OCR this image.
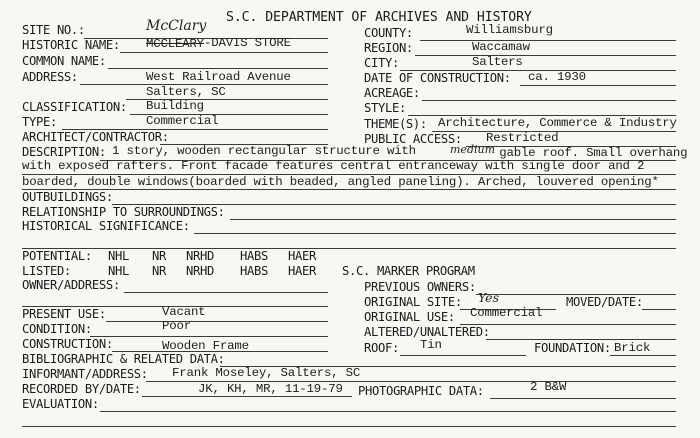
S.C. DEPARTMENT OF ARCHIVES AND HISTORY
SITE NO.:	McClary	COUNTY:	Williamsburg
HISTORIC NAME: MCCLEARY -DAVIS STORE	REGION:	Waccamaw
COMMON NAME:	CITY:	Salters
ADDRESS:	West Railroad Avenue
Salters, SC
DATE OF CONSTRUCTION: ca. 1930
ACREAGE:
CLASSIFICATION: Building	STYLE:
TYPE:	Commercial	THEME(S): Architecture, Commerce & Industry
ARCHITECT/CONTRACTOR:	PUBLIC ACCESS: Restricted
DESCRIPTION: 1 story, wooden rectangular structure with	medium
gable roof. Small overhang
with exposed rafters. Front facade features central entranceway with single door and 2
boarded, double windows(boarded with beaded, angled paneling). Arched, louvered opening*
OUTBUILDINGS:
RELATIONSHIP TO SURROUNDINGS:
HISTORICAL SIGNIFICANCE:
POTENTIAL: NHL NR NRHD HABS HAER
LISTED:	NHL NR NRHD HABS HAER S.C. MARKER PROGRAM
OWNER/ADDRESS:	PREVIOUS OWNERS:
ORIGINAL SITE: Yes	MOVED/DATE:
PRESENT USE:	Vacant	ORIGINAL USE: Commercial
CONDITION:	Poor	ALTERED/UNALTERED:
CONSTRUCTION:	Wooden Frame	ROOF: Tin	FOUNDATION: Brick
BIBLIOGRAPHIC & RELATED DATA:
INFORMANT/ADDRESS: Frank Moseley, Salters, SC
RECORDED BY/DATE:	JK, KH, MR, 11-19-79 PHOTOGRAPHIC DATA:	2 B&W
EVALUATION:
